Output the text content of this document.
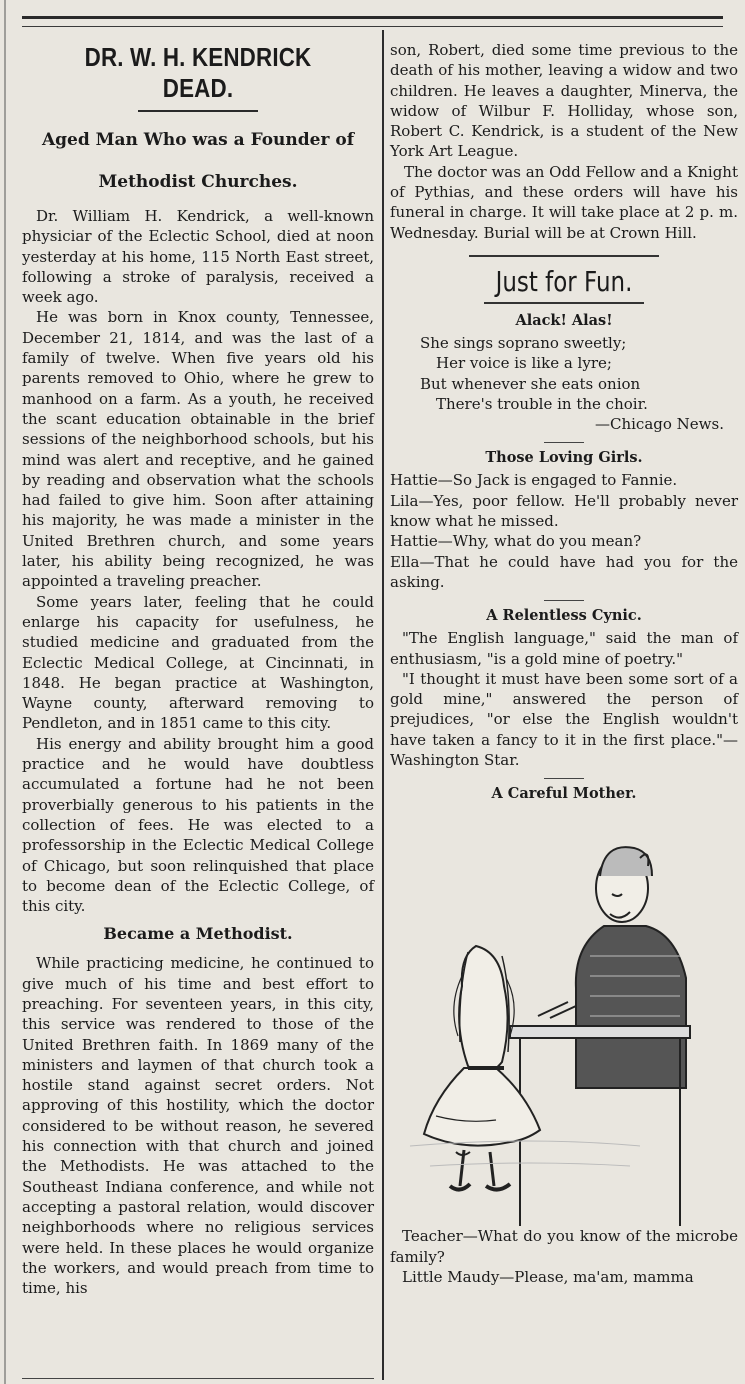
DR. W. H. KENDRICK DEAD.
Aged Man Who was a Founder of
Methodist Churches.

Dr. William H. Kendrick, a well-known physiciar of the Eclectic School, died at noon yesterday at his home, 115 North East street, following a stroke of paralysis, received a week ago.

He was born in Knox county, Tennessee, December 21, 1814, and was the last of a family of twelve. When five years old his parents removed to Ohio, where he grew to manhood on a farm. As a youth, he received the scant education obtainable in the brief sessions of the neighborhood schools, but his mind was alert and receptive, and he gained by reading and observation what the schools had failed to give him. Soon after attaining his majority, he was made a minister in the United Brethren church, and some years later, his ability being recognized, he was appointed a traveling preacher.

Some years later, feeling that he could enlarge his capacity for usefulness, he studied medicine and graduated from the Eclectic Medical College, at Cincinnati, in 1848. He began practice at Washington, Wayne county, afterward removing to Pendleton, and in 1851 came to this city.

His energy and ability brought him a good practice and he would have doubtless accumulated a fortune had he not been proverbially generous to his patients in the collection of fees. He was elected to a professorship in the Eclectic Medical College of Chicago, but soon relinquished that place to become dean of the Eclectic College, of this city.

Became a Methodist.

While practicing medicine, he continued to give much of his time and best effort to preaching. For seventeen years, in this city, this service was rendered to those of the United Brethren faith. In 1869 many of the ministers and laymen of that church took a hostile stand against secret orders. Not approving of this hostility, which the doctor considered to be without reason, he severed his connection with that church and joined the Methodists. He was attached to the Southeast Indiana conference, and while not accepting a pastoral relation, would discover neighborhoods where no religious services were held. In these places he would organize the workers, and would preach from time to time, his

son, Robert, died some time previous to the death of his mother, leaving a widow and two children. He leaves a daughter, Minerva, the widow of Wilbur F. Holliday, whose son, Robert C. Kendrick, is a student of the New York Art League.

The doctor was an Odd Fellow and a Knight of Pythias, and these orders will have his funeral in charge. It will take place at 2 p. m. Wednesday. Burial will be at Crown Hill.

Just for Fun.
Alack! Alas!
She sings soprano sweetly;
Her voice is like a lyre;
But whenever she eats onion
There's trouble in the choir.
—Chicago News.
Those Loving Girls.
Hattie—So Jack is engaged to Fannie.
Lila—Yes, poor fellow. He'll probably never know what he missed.
Hattie—Why, what do you mean?
Ella—That he could have had you for the asking.
A Relentless Cynic.
"The English language," said the man of enthusiasm, "is a gold mine of poetry."
"I thought it must have been some sort of a gold mine," answered the person of prejudices, "or else the English wouldn't have taken a fancy to it in the first place."—Washington Star.
A Careful Mother.
Teacher—What do you know of the microbe family?
Little Maudy—Please, ma'am, mamma
